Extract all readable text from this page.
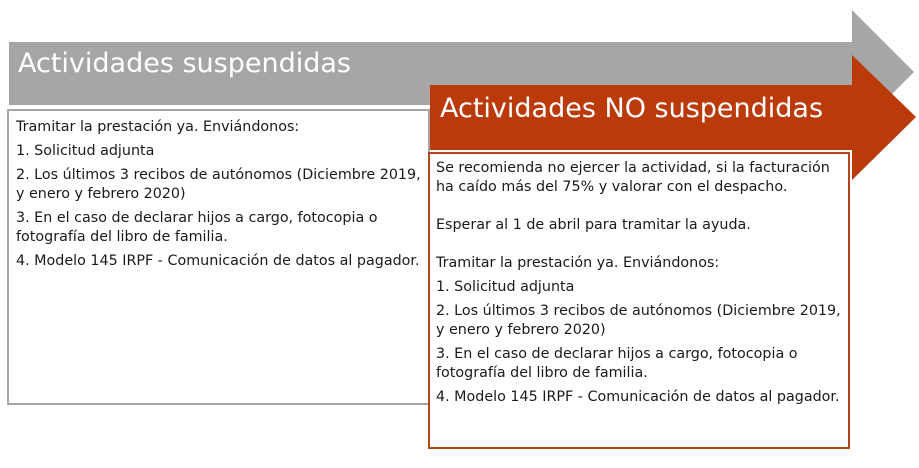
Actividades suspendidas

Tramitar la prestación ya. Enviándonos:

1. Solicitud adjunta

2. Los últimos 3 recibos de autónomos (Diciembre 2019, y enero y febrero 2020)

3. En el caso de declarar hijos a cargo, fotocopia o fotografía del libro de familia.

4. Modelo 145 IRPF - Comunicación de datos al pagador.

Actividades NO suspendidas

Se recomienda no ejercer la actividad, si la facturación ha caído más del 75% y valorar con el despacho.

Esperar al 1 de abril para tramitar la ayuda.

Tramitar la prestación ya. Enviándonos:

1. Solicitud adjunta

2. Los últimos 3 recibos de autónomos (Diciembre 2019, y enero y febrero 2020)

3. En el caso de declarar hijos a cargo, fotocopia o fotografía del libro de familia.

4. Modelo 145 IRPF - Comunicación de datos al pagador.
